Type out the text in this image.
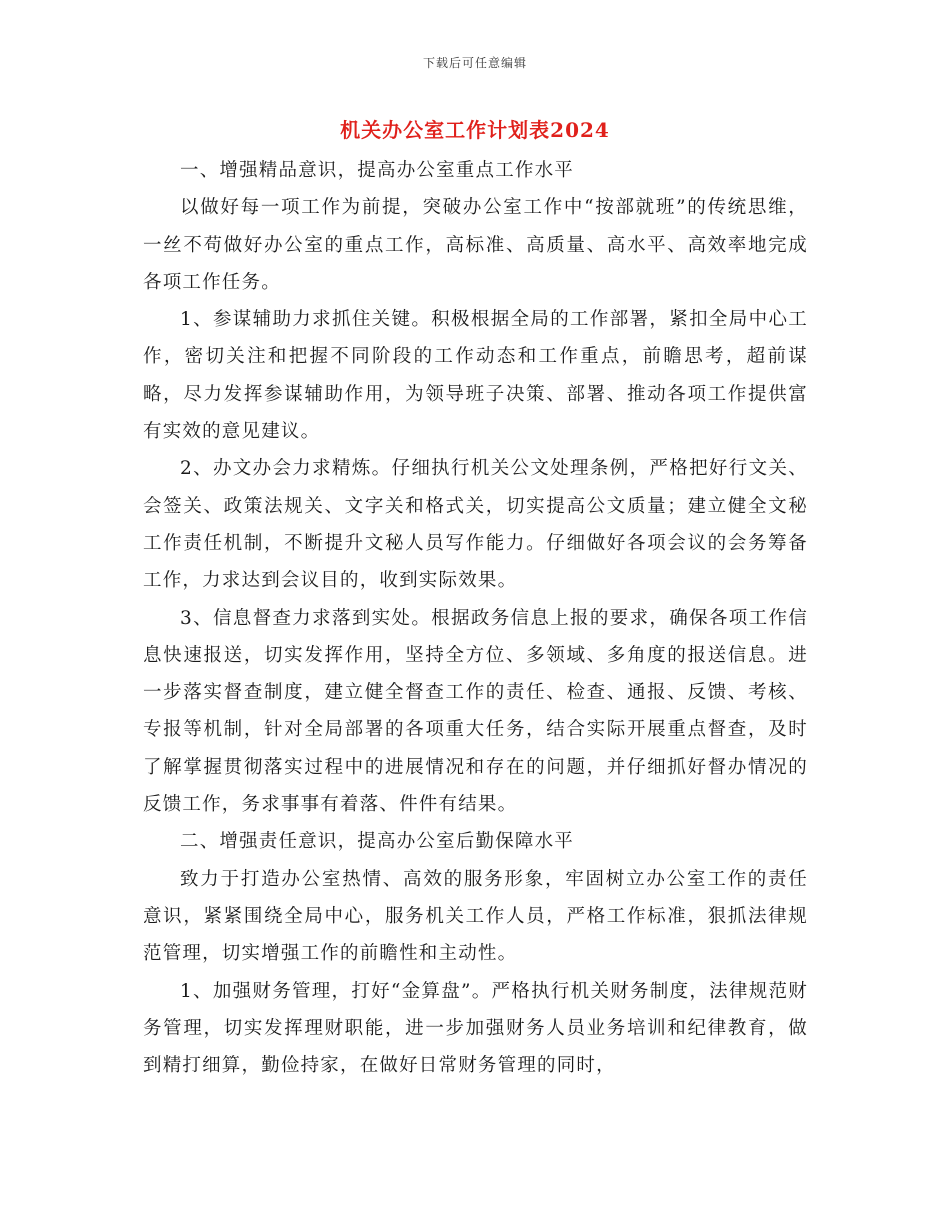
下载后可任意编辑
机关办公室工作计划表2024

一、增强精品意识，提高办公室重点工作水平

以做好每一项工作为前提，突破办公室工作中“按部就班”的传统思维，一丝不苟做好办公室的重点工作，高标准、高质量、高水平、高效率地完成各项工作任务。

1、参谋辅助力求抓住关键。积极根据全局的工作部署，紧扣全局中心工作，密切关注和把握不同阶段的工作动态和工作重点，前瞻思考，超前谋略，尽力发挥参谋辅助作用，为领导班子决策、部署、推动各项工作提供富有实效的意见建议。

2、办文办会力求精炼。仔细执行机关公文处理条例，严格把好行文关、会签关、政策法规关、文字关和格式关，切实提高公文质量；建立健全文秘工作责任机制，不断提升文秘人员写作能力。仔细做好各项会议的会务筹备工作，力求达到会议目的，收到实际效果。

3、信息督查力求落到实处。根据政务信息上报的要求，确保各项工作信息快速报送，切实发挥作用，坚持全方位、多领域、多角度的报送信息。进一步落实督查制度，建立健全督查工作的责任、检查、通报、反馈、考核、专报等机制，针对全局部署的各项重大任务，结合实际开展重点督查，及时了解掌握贯彻落实过程中的进展情况和存在的问题，并仔细抓好督办情况的反馈工作，务求事事有着落、件件有结果。

二、增强责任意识，提高办公室后勤保障水平

致力于打造办公室热情、高效的服务形象，牢固树立办公室工作的责任意识，紧紧围绕全局中心，服务机关工作人员，严格工作标准，狠抓法律规范管理，切实增强工作的前瞻性和主动性。

1、加强财务管理，打好“金算盘”。严格执行机关财务制度，法律规范财务管理，切实发挥理财职能，进一步加强财务人员业务培训和纪律教育，做到精打细算，勤俭持家，在做好日常财务管理的同时，
